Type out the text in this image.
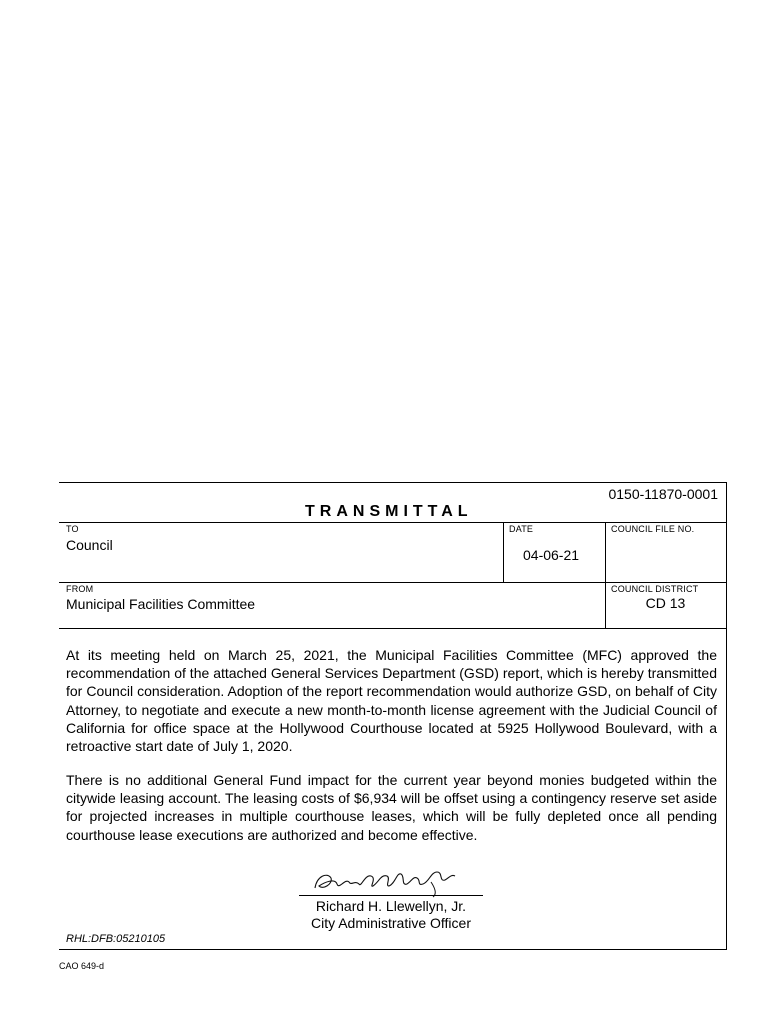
0150-11870-0001
TRANSMITTAL
TO
Council
DATE
04-06-21
COUNCIL FILE NO.
FROM
Municipal Facilities Committee
COUNCIL DISTRICT
CD 13
At its meeting held on March 25, 2021, the Municipal Facilities Committee (MFC) approved the recommendation of the attached General Services Department (GSD) report, which is hereby transmitted for Council consideration. Adoption of the report recommendation would authorize GSD, on behalf of City Attorney, to negotiate and execute a new month-to-month license agreement with the Judicial Council of California for office space at the Hollywood Courthouse located at 5925 Hollywood Boulevard, with a retroactive start date of July 1, 2020.
There is no additional General Fund impact for the current year beyond monies budgeted within the citywide leasing account. The leasing costs of $6,934 will be offset using a contingency reserve set aside for projected increases in multiple courthouse leases, which will be fully depleted once all pending courthouse lease executions are authorized and become effective.
Richard H. Llewellyn, Jr.
City Administrative Officer
RHL:DFB:05210105
CAO 649-d
